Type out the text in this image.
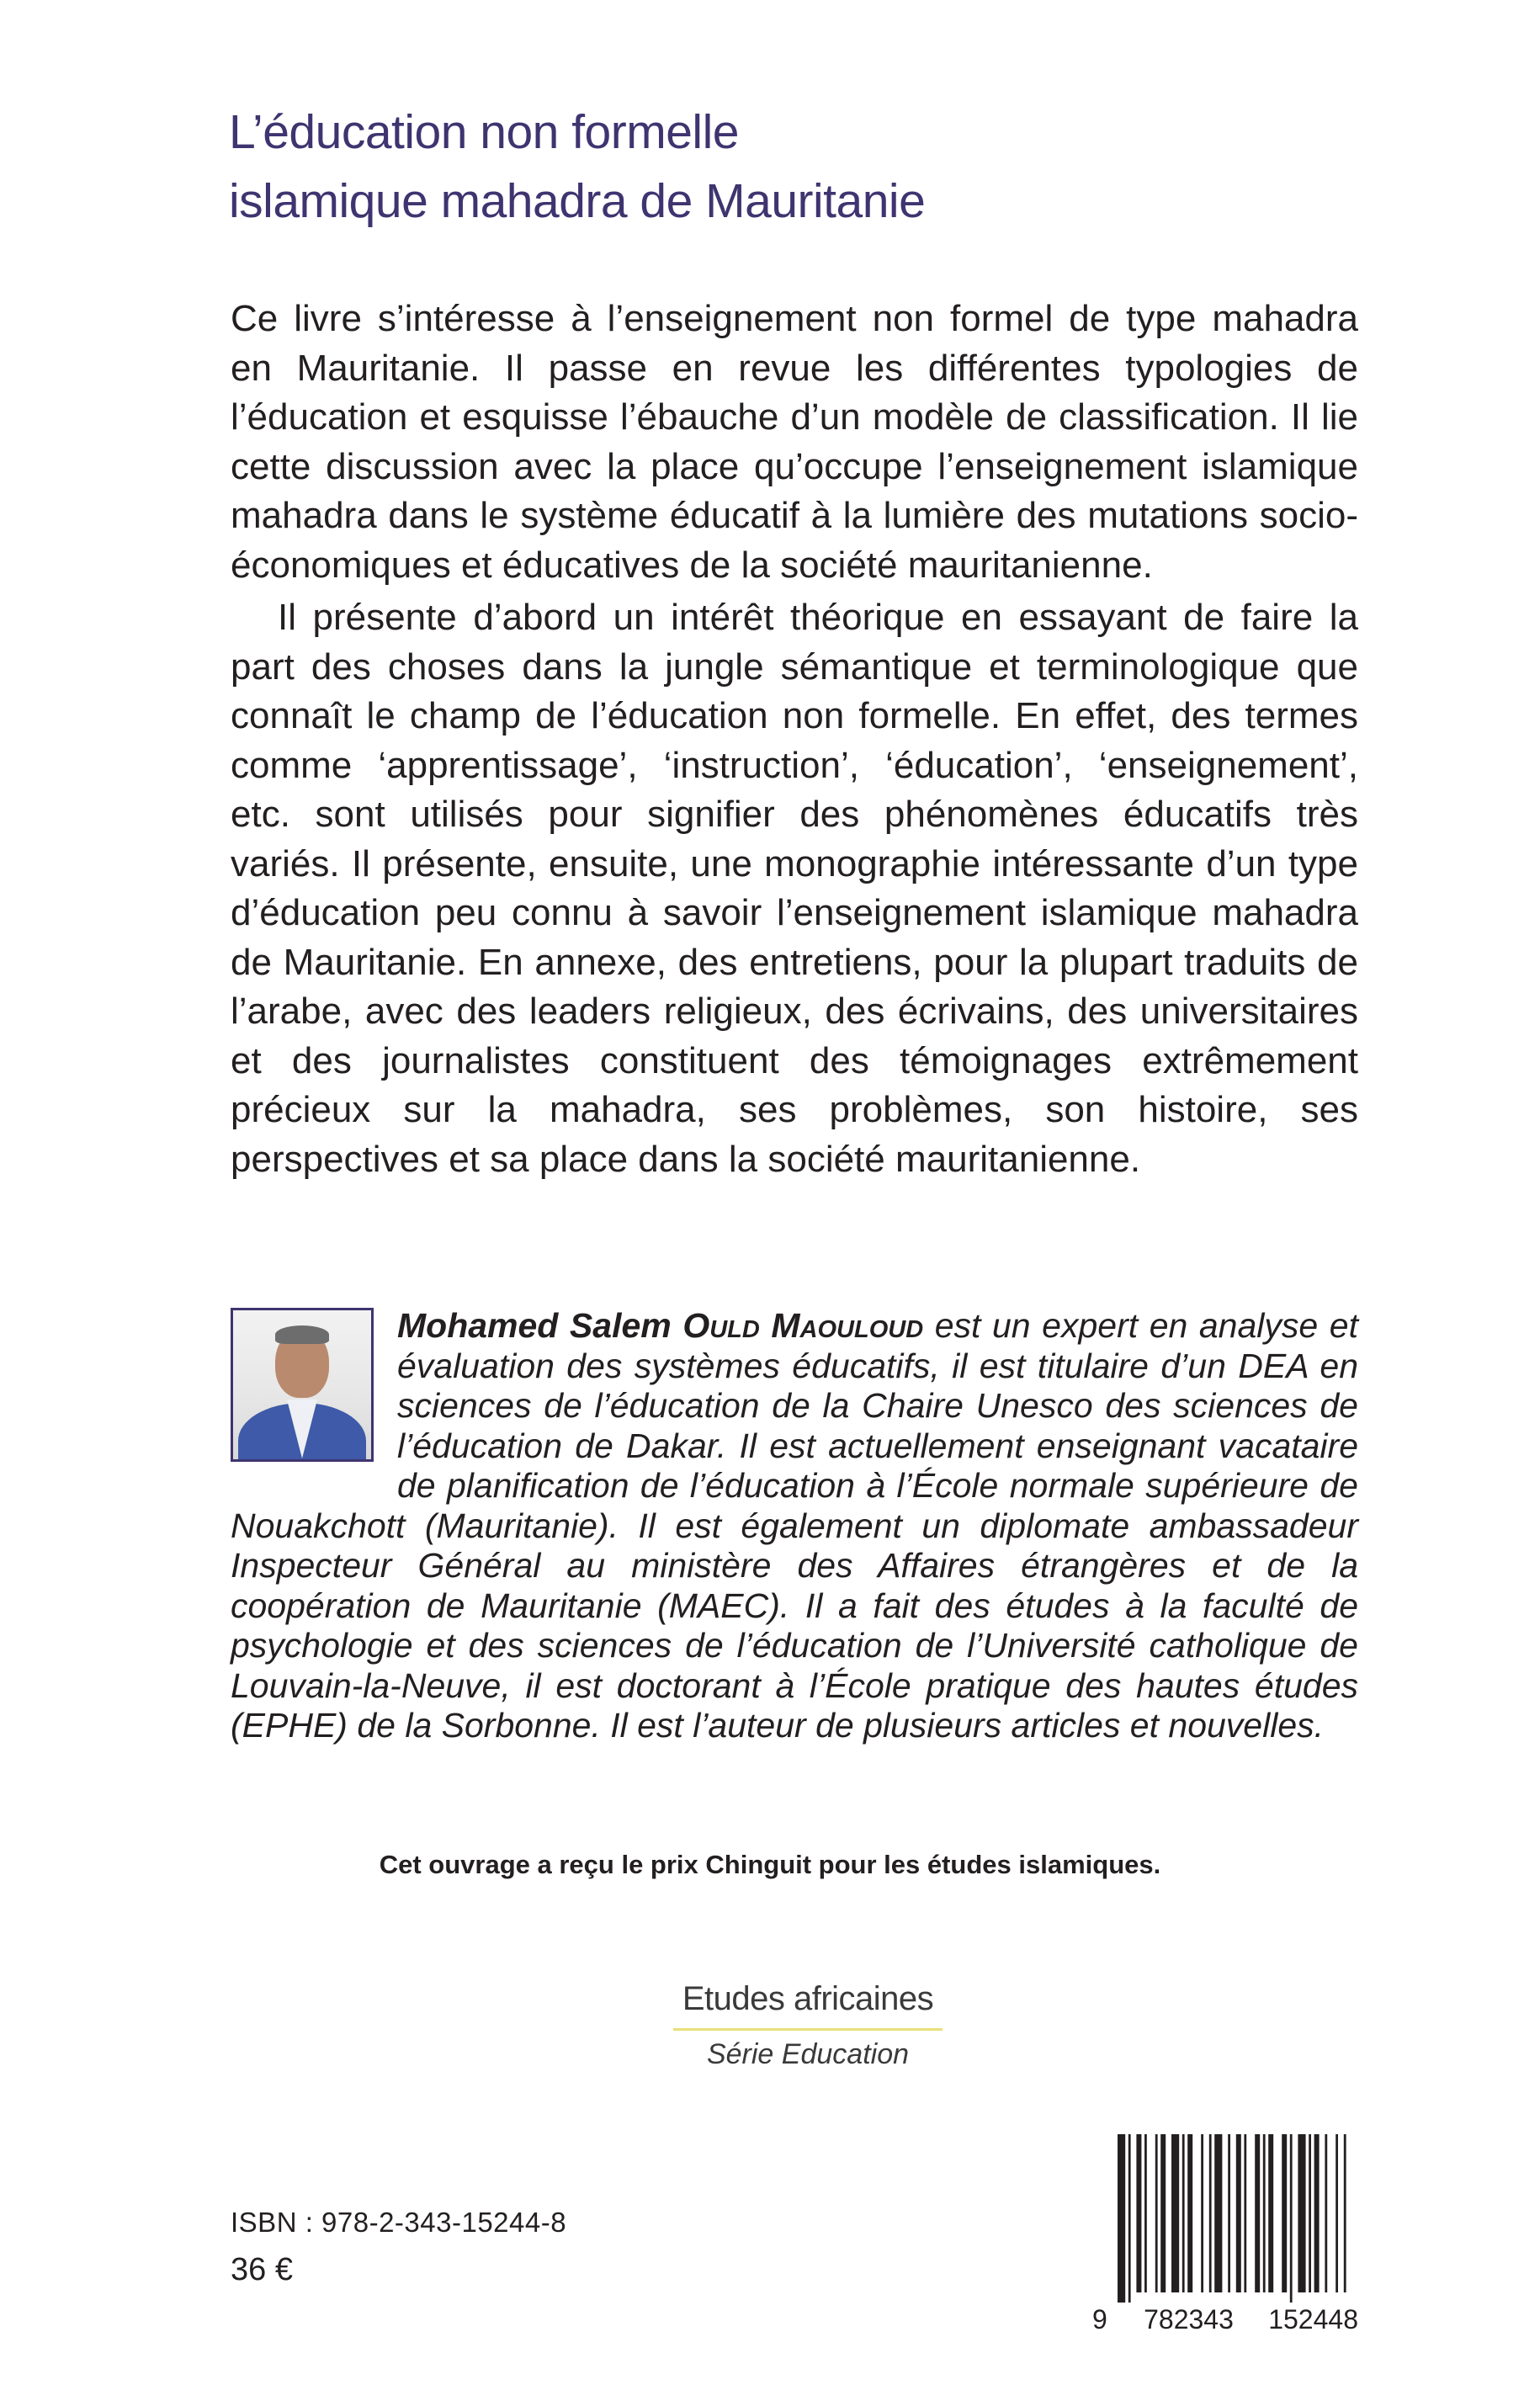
L’éducation non formelle
islamique mahadra de Mauritanie

Ce livre s’intéresse à l’enseignement non formel de type mahadra en Mauritanie. Il passe en revue les différentes typologies de l’éducation et esquisse l’ébauche d’un modèle de classification. Il lie cette discussion avec la place qu’occupe l’enseignement islamique mahadra dans le système éducatif à la lumière des mutations socio-économiques et éducatives de la société mauritanienne.

Il présente d’abord un intérêt théorique en essayant de faire la part des choses dans la jungle sémantique et terminologique que connaît le champ de l’éducation non formelle. En effet, des termes comme ‘apprentissage’, ‘instruction’, ‘éducation’, ‘enseignement’, etc. sont utilisés pour signifier des phénomènes éducatifs très variés. Il présente, ensuite, une monographie intéressante d’un type d’éducation peu connu à savoir l’enseignement islamique mahadra de Mauritanie. En annexe, des entretiens, pour la plupart traduits de l’arabe, avec des leaders religieux, des écrivains, des universitaires et des journalistes constituent des témoignages extrêmement précieux sur la mahadra, ses problèmes, son histoire, ses perspectives et sa place dans la société mauritanienne.

Mohamed Salem Ould Maouloud est un expert en analyse et évaluation des systèmes éducatifs, il est titulaire d’un DEA en sciences de l’éducation de la Chaire Unesco des sciences de l’éducation de Dakar. Il est actuellement enseignant vacataire de planification de l’éducation à l’École normale supérieure de Nouakchott (Mauritanie). Il est également un diplomate ambassadeur Inspecteur Général au ministère des Affaires étrangères et de la coopération de Mauritanie (MAEC). Il a fait des études à la faculté de psychologie et des sciences de l’éducation de l’Université catholique de Louvain-la-Neuve, il est doctorant à l’École pratique des hautes études (EPHE) de la Sorbonne. Il est l’auteur de plusieurs articles et nouvelles.
Cet ouvrage a reçu le prix Chinguit pour les études islamiques.
Etudes africaines
Série Education
ISBN : 978-2-343-15244-8
36 €
9 782343 152448
